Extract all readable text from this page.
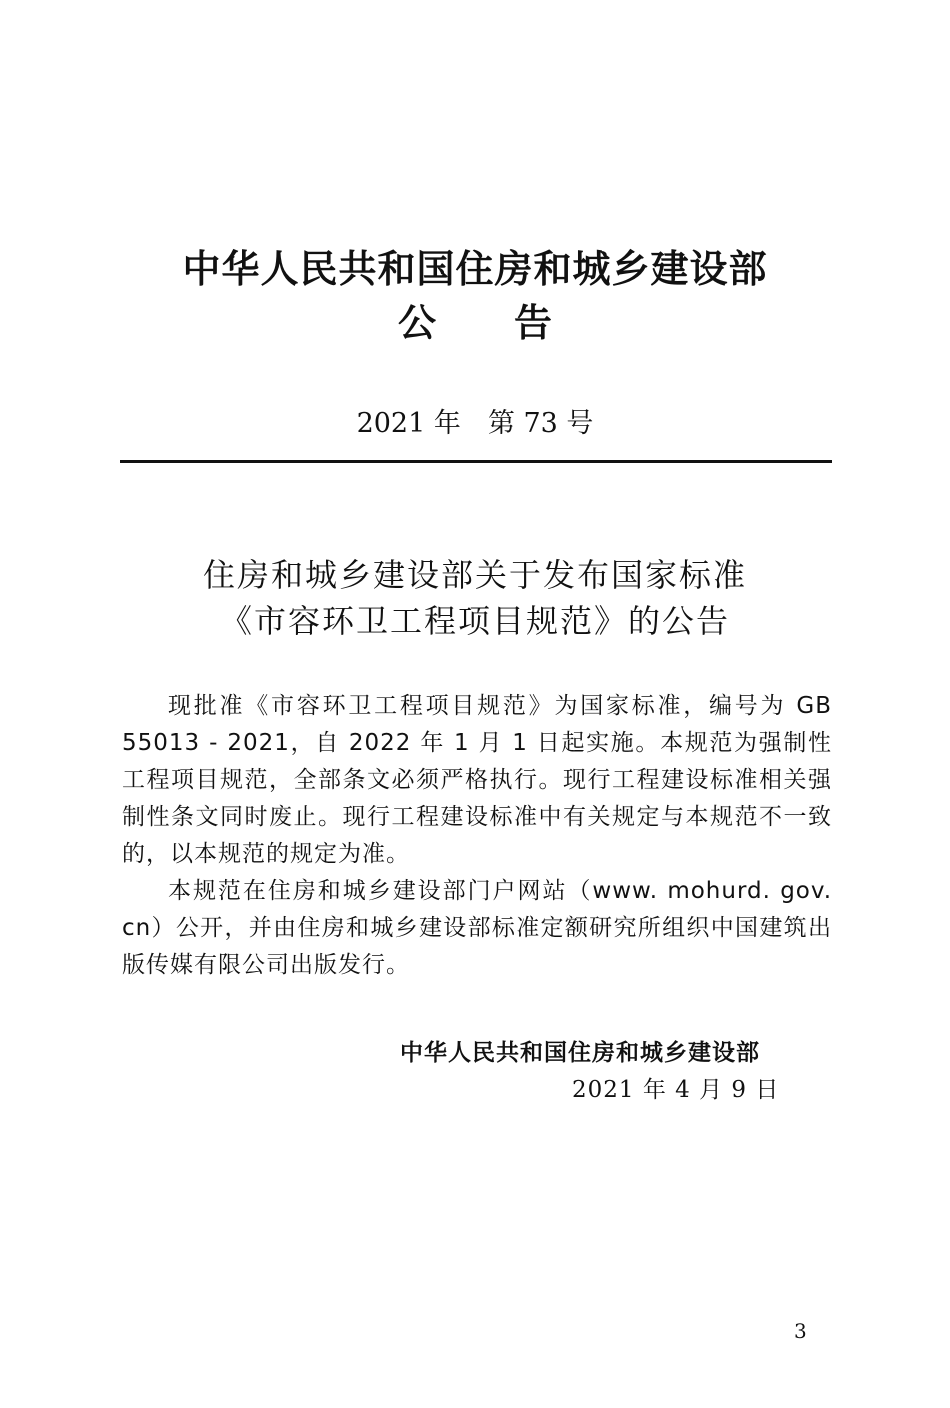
中华人民共和国住房和城乡建设部
公告
2021 年　第 73 号
住房和城乡建设部关于发布国家标准
《市容环卫工程项目规范》的公告

现批准《市容环卫工程项目规范》为国家标准，编号为 GB 55013 - 2021，自 2022 年 1 月 1 日起实施。本规范为强制性工程项目规范，全部条文必须严格执行。现行工程建设标准相关强制性条文同时废止。现行工程建设标准中有关规定与本规范不一致的，以本规范的规定为准。

本规范在住房和城乡建设部门户网站（www. mohurd. gov. cn）公开，并由住房和城乡建设部标准定额研究所组织中国建筑出版传媒有限公司出版发行。

中华人民共和国住房和城乡建设部
2021 年 4 月 9 日
3
